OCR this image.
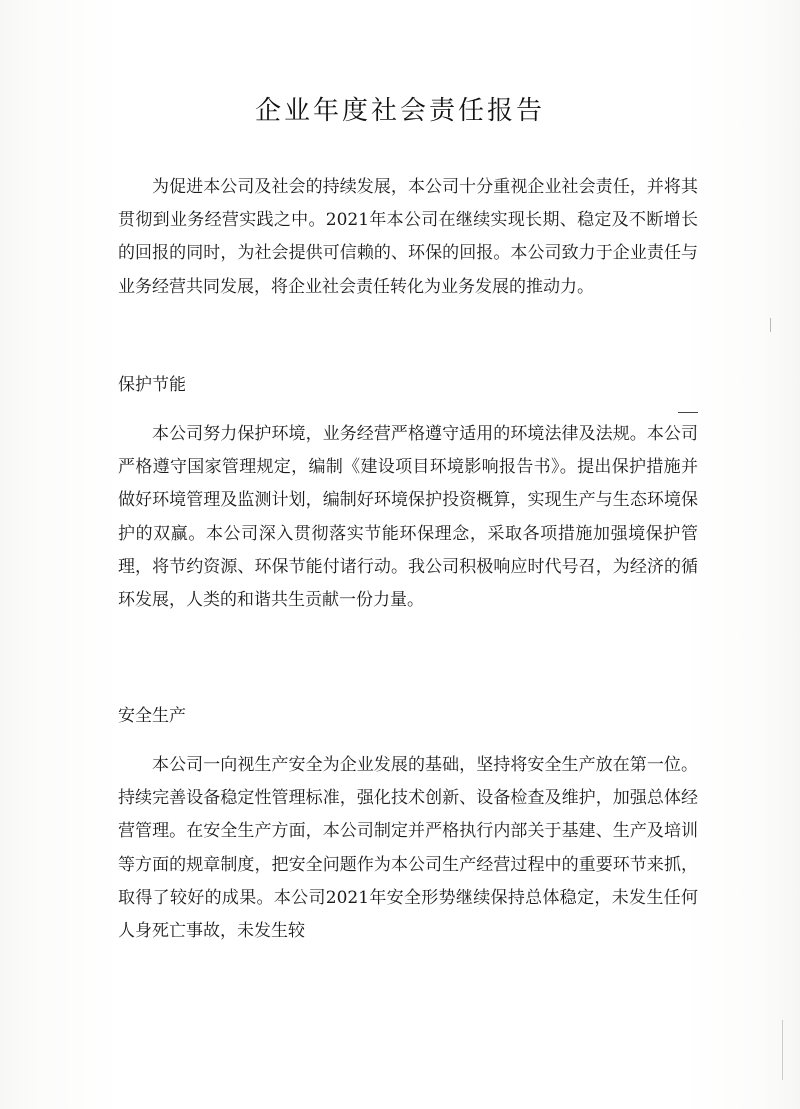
企业年度社会责任报告

为促进本公司及社会的持续发展，本公司十分重视企业社会责任，并将其贯彻到业务经营实践之中。2021年本公司在继续实现长期、稳定及不断增长的回报的同时，为社会提供可信赖的、环保的回报。本公司致力于企业责任与业务经营共同发展，将企业社会责任转化为业务发展的推动力。

保护节能

本公司努力保护环境，业务经营严格遵守适用的环境法律及法规。本公司严格遵守国家管理规定，编制《建设项目环境影响报告书》。提出保护措施并做好环境管理及监测计划，编制好环境保护投资概算，实现生产与生态环境保护的双赢。本公司深入贯彻落实节能环保理念，采取各项措施加强境保护管理，将节约资源、环保节能付诸行动。我公司积极响应时代号召，为经济的循环发展，人类的和谐共生贡献一份力量。

安全生产

本公司一向视生产安全为企业发展的基础，坚持将安全生产放在第一位。持续完善设备稳定性管理标准，强化技术创新、设备检查及维护，加强总体经营管理。在安全生产方面，本公司制定并严格执行内部关于基建、生产及培训等方面的规章制度，把安全问题作为本公司生产经营过程中的重要环节来抓，取得了较好的成果。本公司2021年安全形势继续保持总体稳定，未发生任何人身死亡事故，未发生较
